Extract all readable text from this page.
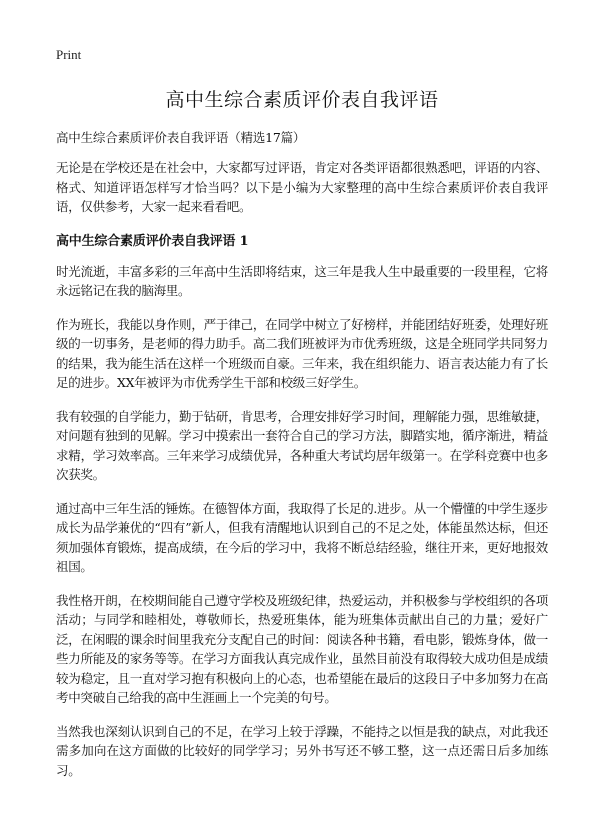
Print
高中生综合素质评价表自我评语
高中生综合素质评价表自我评语（精选17篇）

无论是在学校还是在社会中，大家都写过评语，肯定对各类评语都很熟悉吧，评语的内容、格式、知道评语怎样写才恰当吗？以下是小编为大家整理的高中生综合素质评价表自我评语，仅供参考，大家一起来看看吧。

高中生综合素质评价表自我评语 1

时光流逝，丰富多彩的三年高中生活即将结束，这三年是我人生中最重要的一段里程，它将永远铭记在我的脑海里。

作为班长，我能以身作则，严于律己，在同学中树立了好榜样，并能团结好班委，处理好班级的一切事务，是老师的得力助手。高二我们班被评为市优秀班级，这是全班同学共同努力的结果，我为能生活在这样一个班级而自豪。三年来，我在组织能力、语言表达能力有了长足的进步。XX年被评为市优秀学生干部和校级三好学生。

我有较强的自学能力，勤于钻研，肯思考，合理安排好学习时间，理解能力强，思维敏捷，对问题有独到的见解。学习中摸索出一套符合自己的学习方法，脚踏实地，循序渐进，精益求精，学习效率高。三年来学习成绩优异，各种重大考试均居年级第一。在学科竞赛中也多次获奖。

通过高中三年生活的锤炼。在德智体方面，我取得了长足的.进步。从一个懵懂的中学生逐步成长为品学兼优的“四有”新人，但我有清醒地认识到自己的不足之处，体能虽然达标，但还须加强体育锻炼，提高成绩，在今后的学习中，我将不断总结经验，继往开来，更好地报效祖国。

我性格开朗，在校期间能自己遵守学校及班级纪律，热爱运动，并积极参与学校组织的各项活动；与同学和睦相处，尊敬师长，热爱班集体，能为班集体贡献出自己的力量；爱好广泛，在闲暇的课余时间里我充分支配自己的时间：阅读各种书籍，看电影，锻炼身体，做一些力所能及的家务等等。在学习方面我认真完成作业，虽然目前没有取得较大成功但是成绩较为稳定，且一直对学习抱有积极向上的心态，也希望能在最后的这段日子中多加努力在高考中突破自己给我的高中生涯画上一个完美的句号。

当然我也深刻认识到自己的不足，在学习上较于浮躁，不能持之以恒是我的缺点，对此我还需多加向在这方面做的比较好的同学学习；另外书写还不够工整，这一点还需日后多加练习。
